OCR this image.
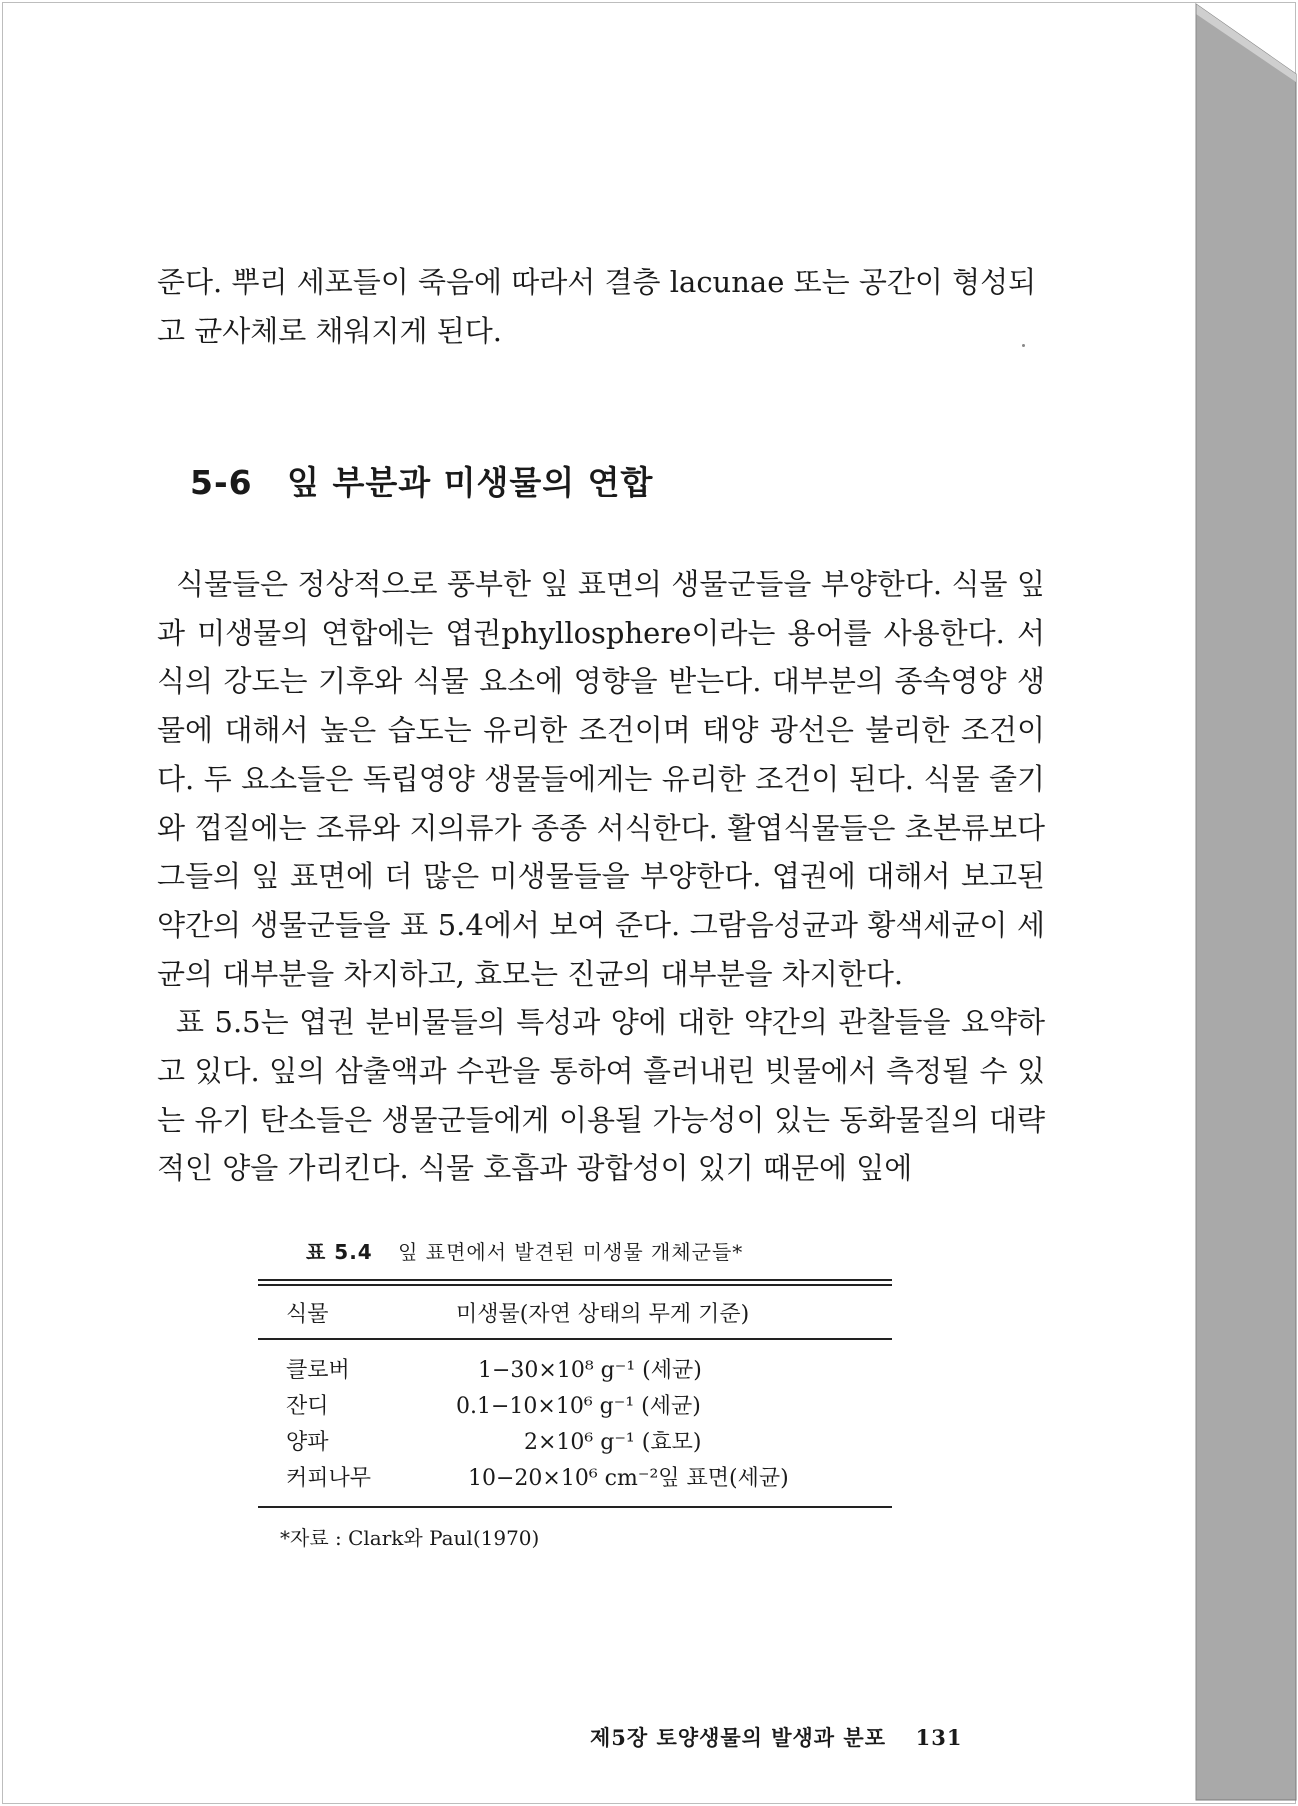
준다. 뿌리 세포들이 죽음에 따라서 결층 lacunae 또는 공간이 형성되

고 균사체로 채워지게 된다.

5-6 잎 부분과 미생물의 연합

식물들은 정상적으로 풍부한 잎 표면의 생물군들을 부양한다. 식물 잎과 미생물의 연합에는 엽권phyllosphere이라는 용어를 사용한다. 서식의 강도는 기후와 식물 요소에 영향을 받는다. 대부분의 종속영양 생물에 대해서 높은 습도는 유리한 조건이며 태양 광선은 불리한 조건이다. 두 요소들은 독립영양 생물들에게는 유리한 조건이 된다. 식물 줄기와 껍질에는 조류와 지의류가 종종 서식한다. 활엽식물들은 초본류보다 그들의 잎 표면에 더 많은 미생물들을 부양한다. 엽권에 대해서 보고된 약간의 생물군들을 표 5.4에서 보여 준다. 그람음성균과 황색세균이 세균의 대부분을 차지하고, 효모는 진균의 대부분을 차지한다.

표 5.5는 엽권 분비물들의 특성과 양에 대한 약간의 관찰들을 요약하고 있다. 잎의 삼출액과 수관을 통하여 흘러내린 빗물에서 측정될 수 있는 유기 탄소들은 생물군들에게 이용될 가능성이 있는 동화물질의 대략적인 양을 가리킨다. 식물 호흡과 광합성이 있기 때문에 잎에

표 5.4 잎 표면에서 발견된 미생물 개체군들*
식물	미생물(자연 상태의 무게 기준)
클로버	1−30×10⁸ g⁻¹ (세균)
잔디	0.1−10×10⁶ g⁻¹ (세균)
양파	2×10⁶ g⁻¹ (효모)
커피나무	10−20×10⁶ cm⁻²잎 표면(세균)
*자료 : Clark와 Paul(1970)
제5장 토양생물의 발생과 분포 131
